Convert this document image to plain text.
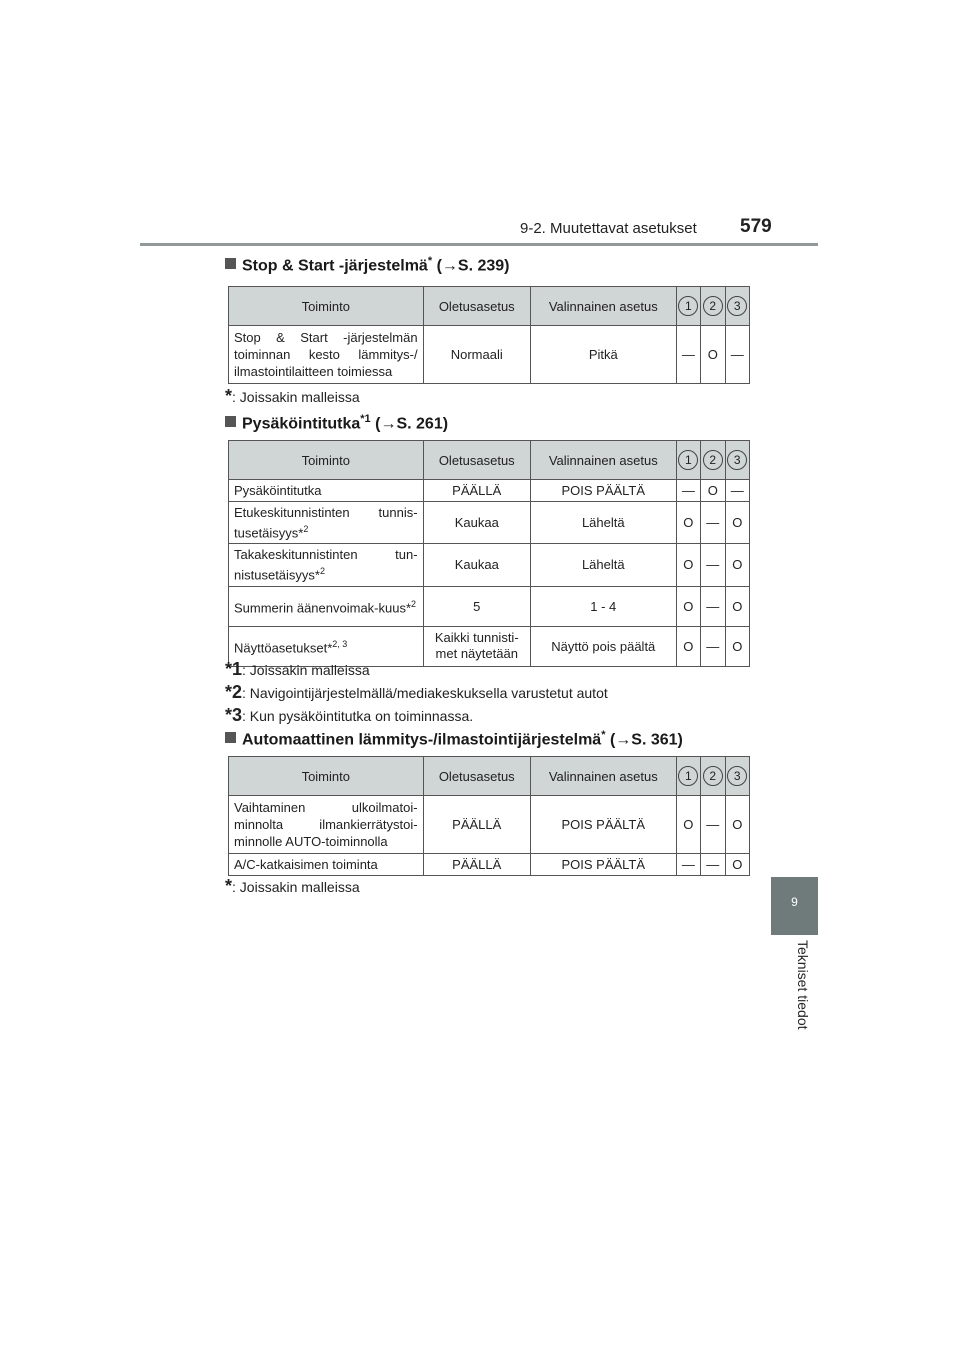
9-2. Muutettavat asetukset 579
9
Tekniset tiedot
Stop & Start -järjestelmä* (→S. 239)
Toiminto	Oletusasetus	Valinnainen asetus	1	2	3
Stop & Start -järjestelmän toiminnan kesto lämmitys-/ ilmastointilaitteen toimiessa	Normaali	Pitkä	—	O	—
*: Joissakin malleissa
Pysäköintitutka$^{*1}$ (→S. 261)
Toiminto	Oletusasetus	Valinnainen asetus	1	2	3
Pysäköintitutka	PÄÄLLÄ	POIS PÄÄLTÄ	—	O	—
Etukeskitunnistinten tunnis-tusetäisyys*$^2$	Kaukaa	Läheltä	O	—	O
Takakeskitunnistinten tun-nistusetäisyys*$^2$	Kaukaa	Läheltä	O	—	O
Summerin äänenvoimak-kuus*$^2$	5	1 - 4	O	—	O
Näyttöasetukset*$^{2, 3}$	Kaikki tunnisti-met näytetään	Näyttö pois päältä	O	—	O
*1: Joissakin malleissa
*2: Navigointijärjestelmällä/mediakeskuksella varustetut autot
*3: Kun pysäköintitutka on toiminnassa.
Automaattinen lämmitys-/ilmastointijärjestelmä* (→S. 361)
Toiminto	Oletusasetus	Valinnainen asetus	1	2	3
Vaihtaminen ulkoilmatoi-minnolta ilmankierrätystoi-minnolle AUTO-toiminnolla	PÄÄLLÄ	POIS PÄÄLTÄ	O	—	O
A/C-katkaisimen toiminta	PÄÄLLÄ	POIS PÄÄLTÄ	—	—	O
*: Joissakin malleissa
